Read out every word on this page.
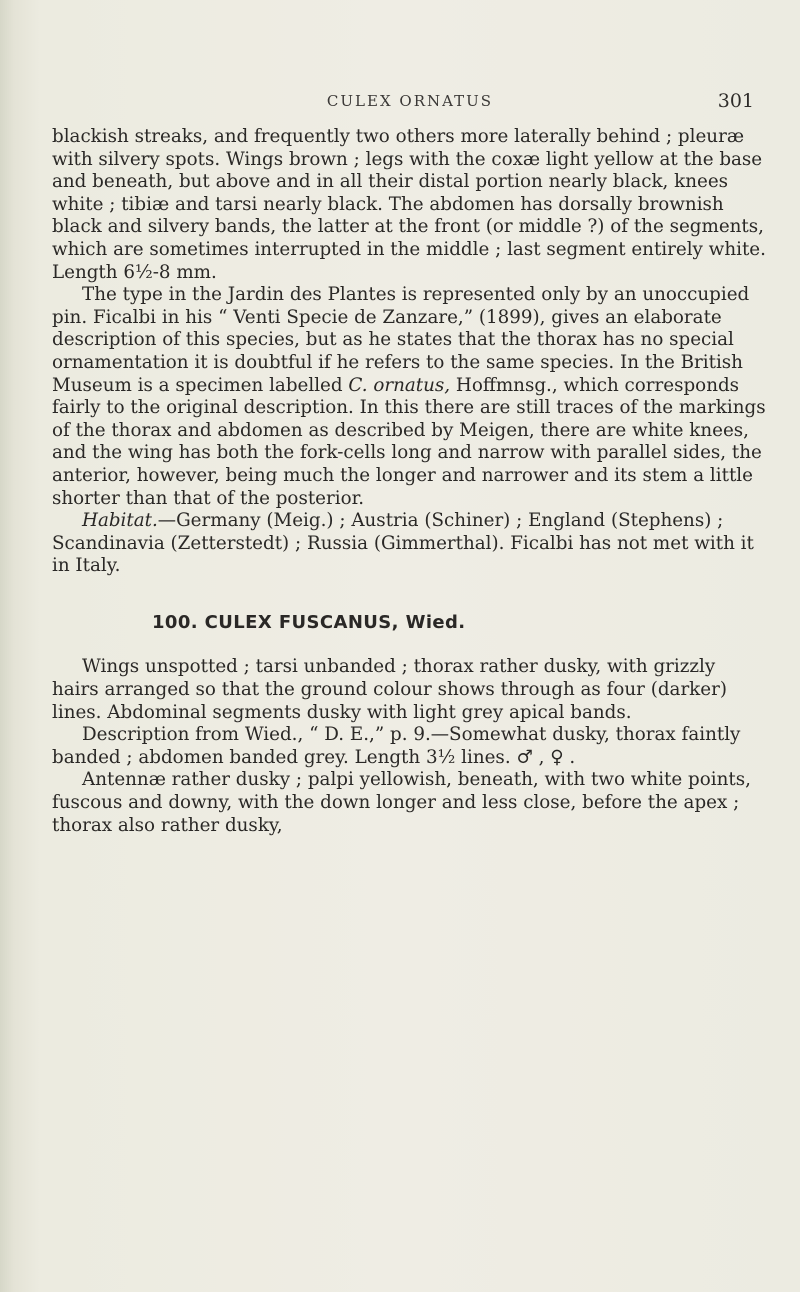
CULEX ORNATUS	301

blackish streaks, and frequently two others more laterally behind ; pleuræ with silvery spots. Wings brown ; legs with the coxæ light yellow at the base and beneath, but above and in all their distal portion nearly black, knees white ; tibiæ and tarsi nearly black. The abdomen has dorsally brownish black and silvery bands, the latter at the front (or middle ?) of the segments, which are sometimes interrupted in the middle ; last segment entirely white. Length 6½-8 mm.

The type in the Jardin des Plantes is represented only by an unoccupied pin. Ficalbi in his “ Venti Specie de Zanzare,” (1899), gives an elaborate description of this species, but as he states that the thorax has no special ornamentation it is doubtful if he refers to the same species. In the British Museum is a specimen labelled C. ornatus, Hoffmnsg., which corresponds fairly to the original description. In this there are still traces of the markings of the thorax and abdomen as described by Meigen, there are white knees, and the wing has both the fork-cells long and narrow with parallel sides, the anterior, however, being much the longer and narrower and its stem a little shorter than that of the posterior.

Habitat.—Germany (Meig.) ; Austria (Schiner) ; England (Stephens) ; Scandinavia (Zetterstedt) ; Russia (Gimmerthal). Ficalbi has not met with it in Italy.

100. CULEX FUSCANUS, Wied.

Wings unspotted ; tarsi unbanded ; thorax rather dusky, with grizzly hairs arranged so that the ground colour shows through as four (darker) lines. Abdominal segments dusky with light grey apical bands.

Description from Wied., “ D. E.,” p. 9.—Somewhat dusky, thorax faintly banded ; abdomen banded grey. Length 3½ lines. ♂ , ♀ .

Antennæ rather dusky ; palpi yellowish, beneath, with two white points, fuscous and downy, with the down longer and less close, before the apex ; thorax also rather dusky,
